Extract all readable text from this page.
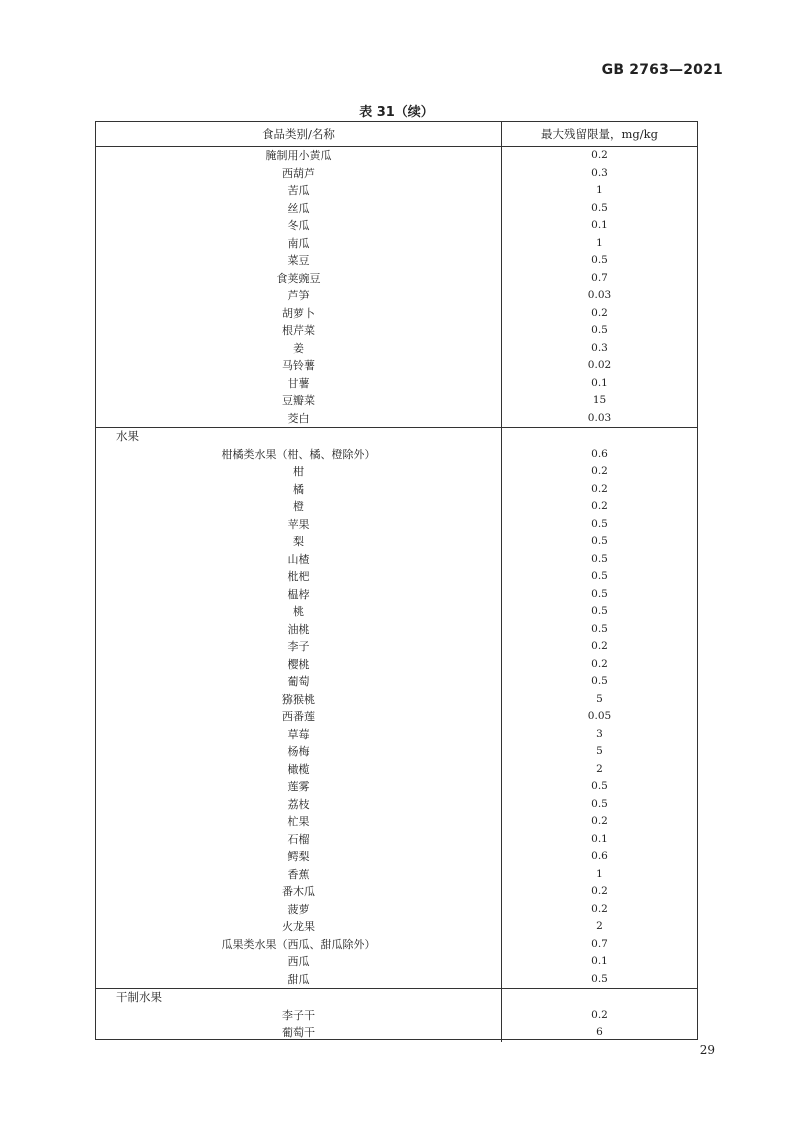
GB 2763—2021
表 31（续）
食品类别/名称	最大残留限量，mg/kg
腌制用小黄瓜	0.2
西葫芦	0.3
苦瓜	1
丝瓜	0.5
冬瓜	0.1
南瓜	1
菜豆	0.5
食荚豌豆	0.7
芦笋	0.03
胡萝卜	0.2
根芹菜	0.5
姜	0.3
马铃薯	0.02
甘薯	0.1
豆瓣菜	15
茭白	0.03
水果
柑橘类水果（柑、橘、橙除外）	0.6
柑	0.2
橘	0.2
橙	0.2
苹果	0.5
梨	0.5
山楂	0.5
枇杷	0.5
榅桲	0.5
桃	0.5
油桃	0.5
李子	0.2
樱桃	0.2
葡萄	0.5
猕猴桃	5
西番莲	0.05
草莓	3
杨梅	5
橄榄	2
莲雾	0.5
荔枝	0.5
杧果	0.2
石榴	0.1
鳄梨	0.6
香蕉	1
番木瓜	0.2
菠萝	0.2
火龙果	2
瓜果类水果（西瓜、甜瓜除外）	0.7
西瓜	0.1
甜瓜	0.5
干制水果
李子干	0.2
葡萄干	6
29
